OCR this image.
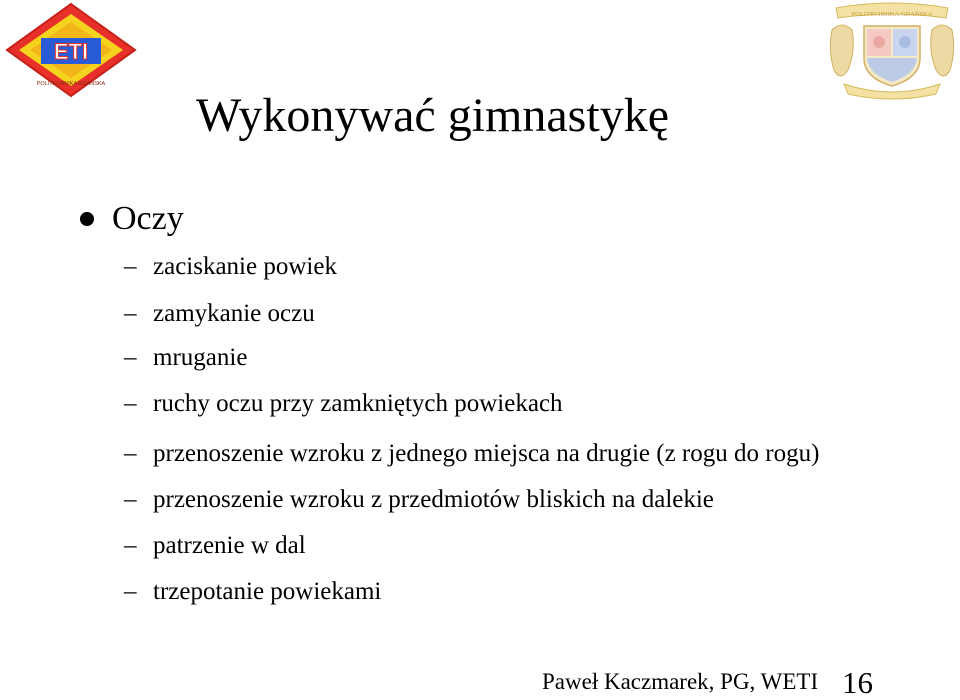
ETI
POLITECHNIKA GDAŃSKA
POLITECHNIKA GDAŃSKA
Wykonywać gimnastykę
Oczy
– zaciskanie powiek
– zamykanie oczu
– mruganie
– ruchy oczu przy zamkniętych powiekach
– przenoszenie wzroku z jednego miejsca na drugie (z rogu do rogu)
– przenoszenie wzroku z przedmiotów bliskich na dalekie
– patrzenie w dal
– trzepotanie powiekami
Paweł Kaczmarek, PG, WETI 16
